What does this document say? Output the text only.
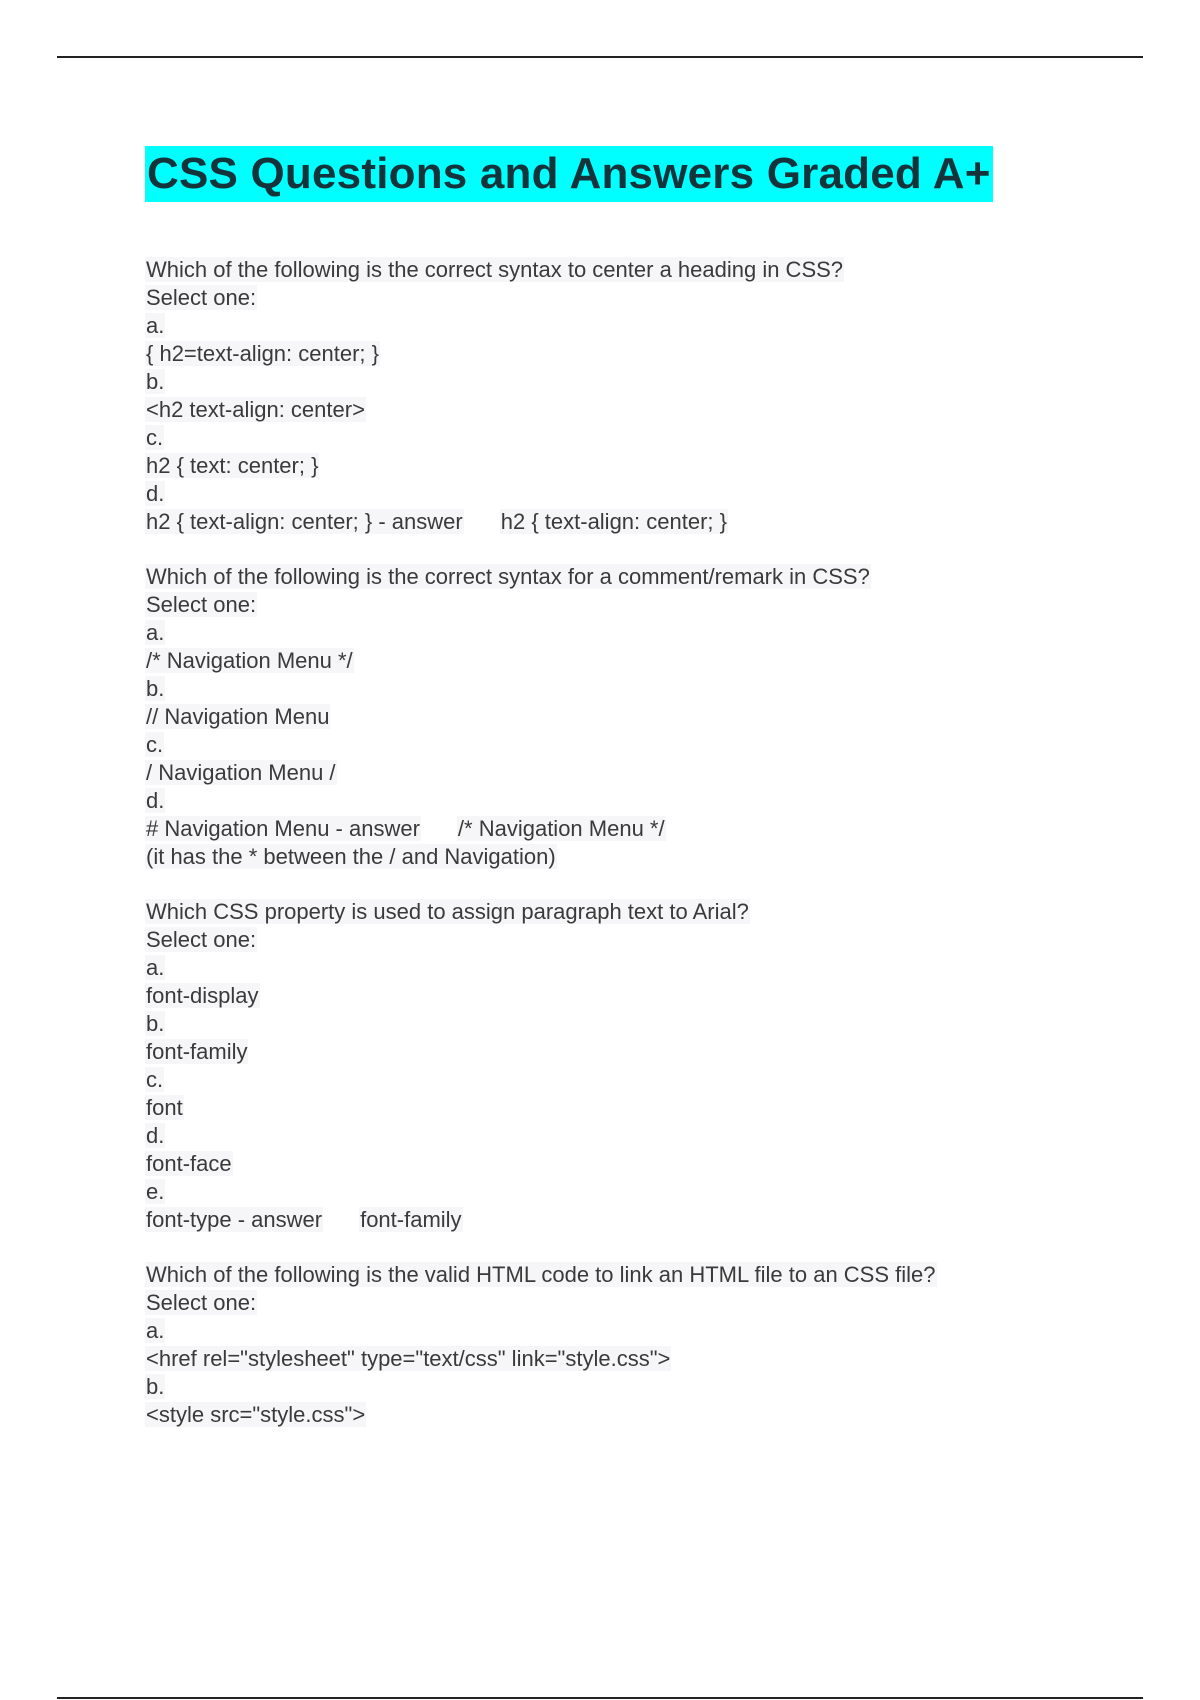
CSS Questions and Answers Graded A+
Which of the following is the correct syntax to center a heading in CSS?
Select one:
a.
{ h2=text-align: center; }
b.
<h2 text-align: center>
c.
h2 { text: center; }
d.
h2 { text-align: center; } - answer h2 { text-align: center; }
Which of the following is the correct syntax for a comment/remark in CSS?
Select one:
a.
/* Navigation Menu */
b.
// Navigation Menu
c.
/ Navigation Menu /
d.
# Navigation Menu - answer /* Navigation Menu */
(it has the * between the / and Navigation)
Which CSS property is used to assign paragraph text to Arial?
Select one:
a.
font-display
b.
font-family
c.
font
d.
font-face
e.
font-type - answer font-family
Which of the following is the valid HTML code to link an HTML file to an CSS file?
Select one:
a.
<href rel="stylesheet" type="text/css" link="style.css">
b.
<style src="style.css">
